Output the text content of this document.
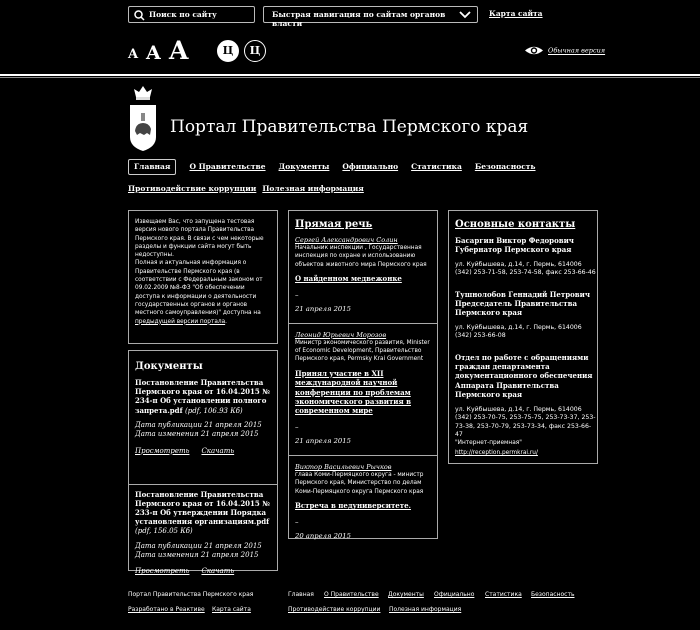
Поиск по сайту	Быстрая навигация по сайтам органов власти
Карта сайта
A A A	Ц	Ц	Обычная версия
Портал Правительства Пермского края
Главная	О Правительстве Документы Официально Статистика БезопасностьПротиводействие коррупции Полезная информация
Извещаем Вас, что запущена тестовая версия нового портала Правительства Пермского края. В связи с чем некоторые разделы и функции сайта могут быть недоступны.
Полная и актуальная информация о Правительстве Пермского края (в соответствии с Федеральным законом от 09.02.2009 №8-ФЗ "Об обеспечении доступа к информации о деятельности государственных органов и органов местного самоуправления)" доступна на предыдущей версии портала.
Документы
Постановление Правительства Пермского края от 16.04.2015 № 234-п Об установлении полного запрета.pdf (pdf, 106.93 Кб)
Дата публикации 21 апреля 2015
Дата изменения 21 апреля 2015
Просмотреть Скачать
Постановление Правительства Пермского края от 16.04.2015 № 233-п Об утверждении Порядка установления организациям.pdf (pdf, 156.05 Кб)
Дата публикации 21 апреля 2015
Дата изменения 21 апреля 2015
Просмотреть Скачать
Прямая речь
Сергей Александрович Солин
Начальник инспекции , Государственная инспекция по охране и использованию объектов животного мира Пермского края
О найденном медвежонке
–
21 апреля 2015
Леонид Юрьевич Морозов
Министр экономического развития, Minister of Economic Development, Правительство Пермского края, Permsky Krai Government
Принял участие в XII международной научной конференции по проблемам экономического развития в современном мире
–
21 апреля 2015
Виктор Васильевич Рычков
глава Коми-Пермяцкого округа - министр Пермского края, Министерство по делам Коми-Пермяцкого округа Пермского края
Встреча в педуниверситете.
–
20 апреля 2015
Основные контакты
Басаргин Виктор Федорович Губернатор Пермского края
ул. Куйбышева, д.14, г. Пермь, 614006 (342) 253-71-58, 253-74-58, факс 253-66-46
Тушнолобов Геннадий Петрович Председатель Правительства Пермского края
ул. Куйбышева, д.14, г. Пермь, 614006 (342) 253-66-08
Отдел по работе с обращениями граждан департамента документационного обеспечения Аппарата Правительства Пермского края
ул. Куйбышева, д.14, г. Пермь, 614006 (342) 253-70-75, 253-75-75, 253-73-37, 253-73-38, 253-70-79, 253-73-34, факс 253-66-47
"Интернет-приемная"
http://reception.permkrai.ru/
Портал Правительства Пермского края
Разработано в Реактиве Карта сайта
Главная О Правительстве Документы Официально Статистика Безопасность
Противодействие коррупции Полезная информация
